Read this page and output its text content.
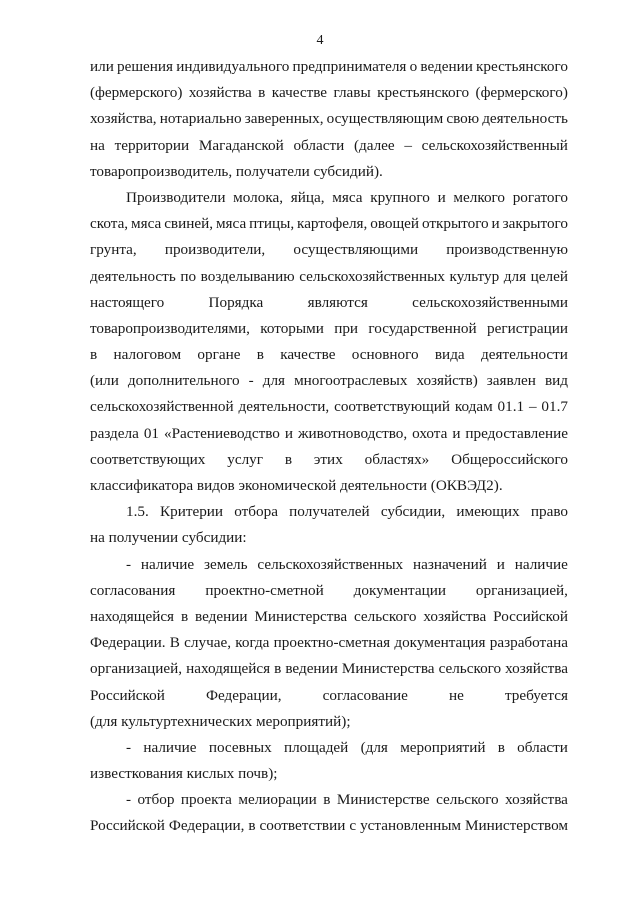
4
или решения индивидуального предпринимателя о ведении крестьянского
(фермерского) хозяйства в качестве главы крестьянского (фермерского)
хозяйства, нотариально заверенных, осуществляющим свою деятельность
на территории Магаданской области (далее – сельскохозяйственный
товаропроизводитель, получатели субсидий).
Производители молока, яйца, мяса крупного и мелкого рогатого
скота, мяса свиней, мяса птицы, картофеля, овощей открытого и закрытого
грунта, производители, осуществляющими производственную
деятельность по возделыванию сельскохозяйственных культур для целей
настоящего	Порядка	являются	сельскохозяйственными
товаропроизводителями, которыми при государственной регистрации
в налоговом органе в качестве основного вида деятельности
(или дополнительного - для многоотраслевых хозяйств) заявлен вид
сельскохозяйственной деятельности, соответствующий кодам 01.1 – 01.7
раздела 01 «Растениеводство и животноводство, охота и предоставление
соответствующих услуг в этих областях» Общероссийского
классификатора видов экономической деятельности (ОКВЭД2).
1.5. Критерии отбора получателей субсидии, имеющих право
на получении субсидии:
- наличие земель сельскохозяйственных назначений и наличие
согласования проектно-сметной документации организацией,
находящейся в ведении Министерства сельского хозяйства Российской
Федерации. В случае, когда проектно-сметная документация разработана
организацией, находящейся в ведении Министерства сельского хозяйства
Российской	Федерации,	согласование	не	требуется
(для культуртехнических мероприятий);
- наличие посевных площадей (для мероприятий в области
известкования кислых почв);
- отбор проекта мелиорации в Министерстве сельского хозяйства
Российской Федерации, в соответствии с установленным Министерством
